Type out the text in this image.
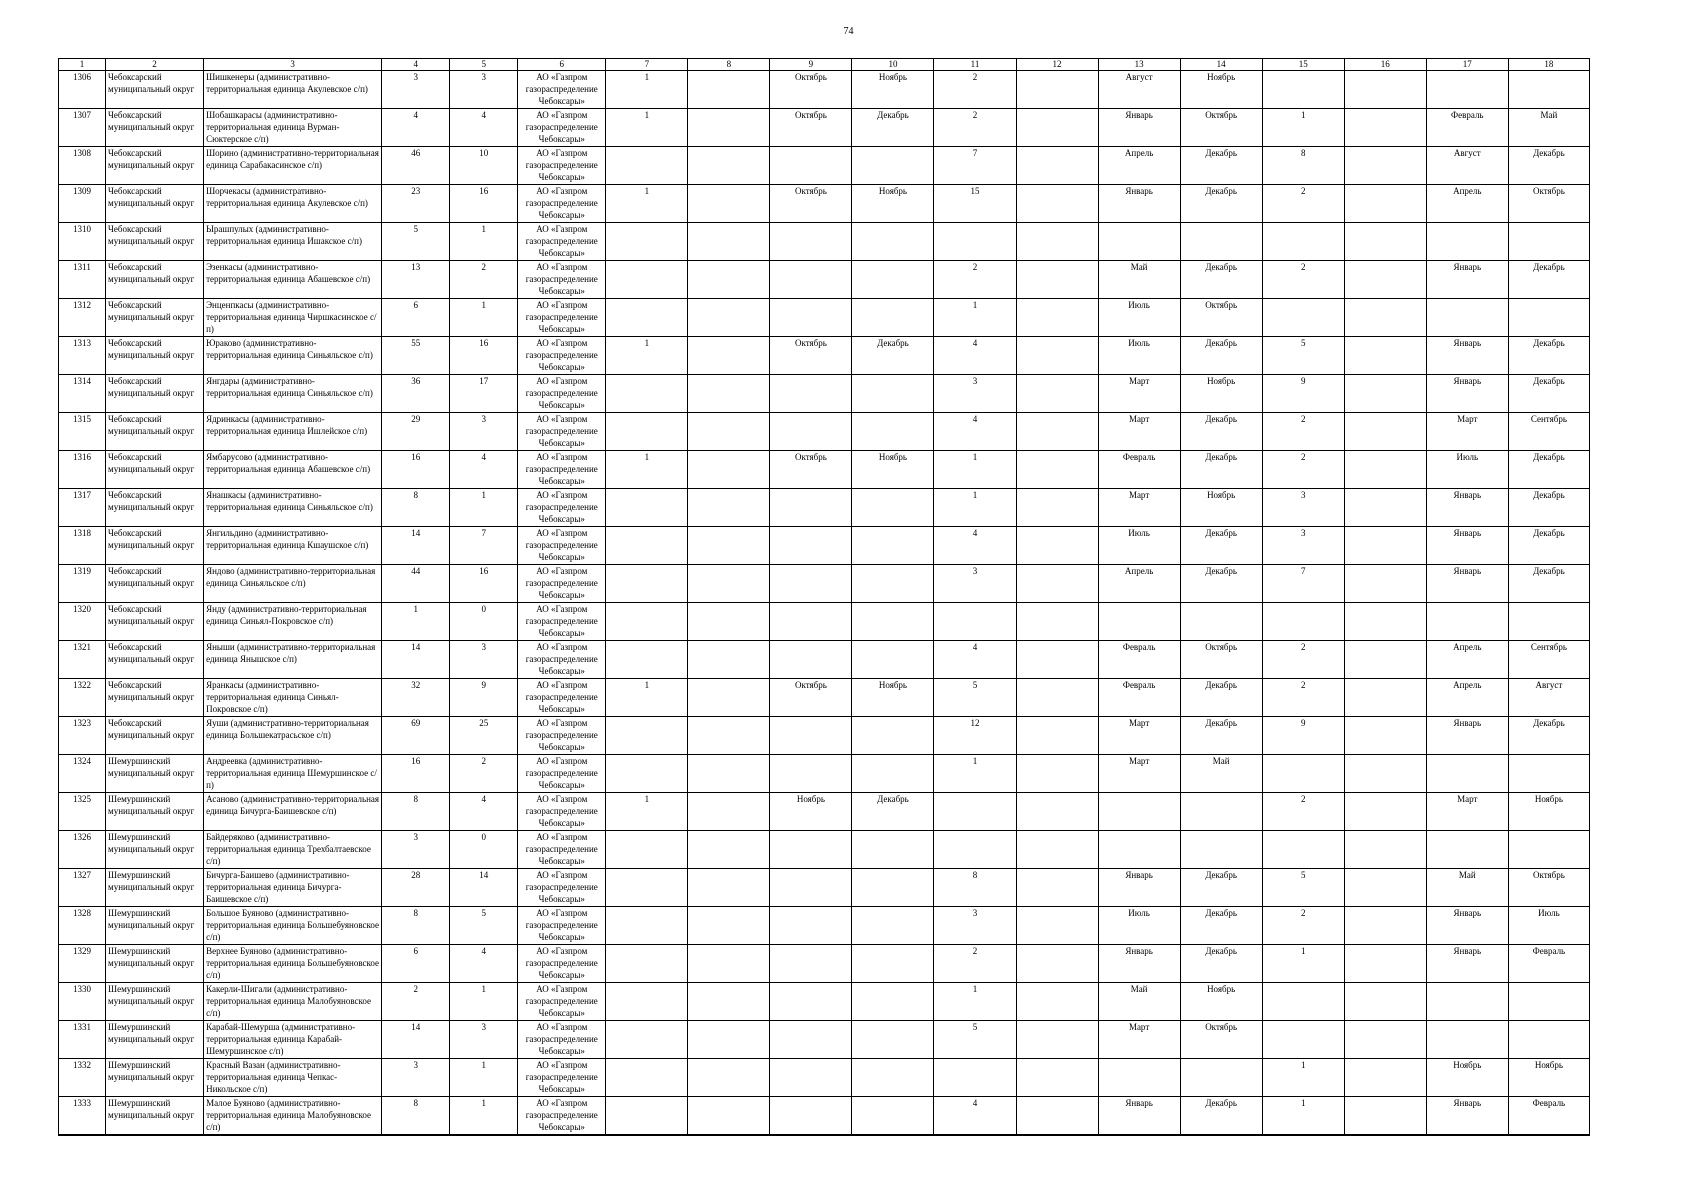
74
1	2	3	4	5	6	7	8	9	10	11	12	13	14	15	16	17	18

1306	Чебоксарский муниципальный округ	Шишкенеры (административно-территориальная единица Акулевское с/п)	3	3	АО «Газпром газораспределение Чебоксары»	1		Октябрь	Ноябрь	2		Август	Ноябрь				

1307	Чебоксарский муниципальный округ	Шобашкарасы (административно-территориальная единица Вурман-Сюктерское с/п)	4	4	АО «Газпром газораспределение Чебоксары»	1		Октябрь	Декабрь	2		Январь	Октябрь	1		Февраль	Май

1308	Чебоксарский муниципальный округ	Шорино (административно-территориальная единица Сарабакасинское с/п)	46	10	АО «Газпром газораспределение Чебоксары»					7		Апрель	Декабрь	8		Август	Декабрь

1309	Чебоксарский муниципальный округ	Шорчекасы (административно-территориальная единица Акулевское с/п)	23	16	АО «Газпром газораспределение Чебоксары»	1		Октябрь	Ноябрь	15		Январь	Декабрь	2		Апрель	Октябрь

1310	Чебоксарский муниципальный округ	Ырашпулых (административно-территориальная единица Ишакское с/п)	5	1	АО «Газпром газораспределение Чебоксары»												

1311	Чебоксарский муниципальный округ	Эзенкасы (административно-территориальная единица Абашевское с/п)	13	2	АО «Газпром газораспределение Чебоксары»					2		Май	Декабрь	2		Январь	Декабрь

1312	Чебоксарский муниципальный округ	Энценпкасы (административно-территориальная единица Чиршкасинское с/п)	6	1	АО «Газпром газораспределение Чебоксары»					1		Июль	Октябрь				

1313	Чебоксарский муниципальный округ	Юраково (административно-территориальная единица Синьяльское с/п)	55	16	АО «Газпром газораспределение Чебоксары»	1		Октябрь	Декабрь	4		Июль	Декабрь	5		Январь	Декабрь

1314	Чебоксарский муниципальный округ	Янгдары (административно-территориальная единица Синьяльское с/п)	36	17	АО «Газпром газораспределение Чебоксары»					3		Март	Ноябрь	9		Январь	Декабрь

1315	Чебоксарский муниципальный округ	Ядринкасы (административно-территориальная единица Ишлейское с/п)	29	3	АО «Газпром газораспределение Чебоксары»					4		Март	Декабрь	2		Март	Сентябрь

1316	Чебоксарский муниципальный округ	Ямбарусово (административно-территориальная единица Абашевское с/п)	16	4	АО «Газпром газораспределение Чебоксары»	1		Октябрь	Ноябрь	1		Февраль	Декабрь	2		Июль	Декабрь

1317	Чебоксарский муниципальный округ	Янашкасы (административно-территориальная единица Синьяльское с/п)	8	1	АО «Газпром газораспределение Чебоксары»					1		Март	Ноябрь	3		Январь	Декабрь

1318	Чебоксарский муниципальный округ	Янгильдино (административно-территориальная единица Кшаушское с/п)	14	7	АО «Газпром газораспределение Чебоксары»					4		Июль	Декабрь	3		Январь	Декабрь

1319	Чебоксарский муниципальный округ	Яндово (административно-территориальная единица Синьяльское с/п)	44	16	АО «Газпром газораспределение Чебоксары»					3		Апрель	Декабрь	7		Январь	Декабрь

1320	Чебоксарский муниципальный округ	Янду (административно-территориальная единица Синьял-Покровское с/п)	1	0	АО «Газпром газораспределение Чебоксары»												

1321	Чебоксарский муниципальный округ	Яныши (административно-территориальная единица Янышское с/п)	14	3	АО «Газпром газораспределение Чебоксары»					4		Февраль	Октябрь	2		Апрель	Сентябрь

1322	Чебоксарский муниципальный округ	Яранкасы (административно-территориальная единица Синьял-Покровское с/п)	32	9	АО «Газпром газораспределение Чебоксары»	1		Октябрь	Ноябрь	5		Февраль	Декабрь	2		Апрель	Август

1323	Чебоксарский муниципальный округ	Яуши (административно-территориальная единица Большекатрасьское с/п)	69	25	АО «Газпром газораспределение Чебоксары»					12		Март	Декабрь	9		Январь	Декабрь

1324	Шемуршинский муниципальный округ	Андреевка (административно-территориальная единица Шемуршинское с/п)	16	2	АО «Газпром газораспределение Чебоксары»					1		Март	Май				

1325	Шемуршинский муниципальный округ	Асаново (административно-территориальная единица Бичурга-Баишевское с/п)	8	4	АО «Газпром газораспределение Чебоксары»	1		Ноябрь	Декабрь					2		Март	Ноябрь

1326	Шемуршинский муниципальный округ	Байдеряково (административно-территориальная единица Трехбалтаевское с/п)	3	0	АО «Газпром газораспределение Чебоксары»												

1327	Шемуршинский муниципальный округ	Бичурга-Баишево (административно-территориальная единица Бичурга-Баишевское с/п)	28	14	АО «Газпром газораспределение Чебоксары»					8		Январь	Декабрь	5		Май	Октябрь

1328	Шемуршинский муниципальный округ	Большое Буяново (административно-территориальная единица Большебуяновское с/п)	8	5	АО «Газпром газораспределение Чебоксары»					3		Июль	Декабрь	2		Январь	Июль

1329	Шемуршинский муниципальный округ	Верхнее Буяново (административно-территориальная единица Большебуяновское с/п)	6	4	АО «Газпром газораспределение Чебоксары»					2		Январь	Декабрь	1		Январь	Февраль

1330	Шемуршинский муниципальный округ	Какерли-Шигали (административно-территориальная единица Малобуяновское с/п)	2	1	АО «Газпром газораспределение Чебоксары»					1		Май	Ноябрь				

1331	Шемуршинский муниципальный округ	Карабай-Шемурша (административно-территориальная единица Карабай-Шемуршинское с/п)	14	3	АО «Газпром газораспределение Чебоксары»					5		Март	Октябрь				

1332	Шемуршинский муниципальный округ	Красный Вазан (административно-территориальная единица Чепкас-Никольское с/п)	3	1	АО «Газпром газораспределение Чебоксары»									1		Ноябрь	Ноябрь

1333	Шемуршинский муниципальный округ	Малое Буяново (административно-территориальная единица Малобуяновское с/п)	8	1	АО «Газпром газораспределение Чебоксары»					4		Январь	Декабрь	1		Январь	Февраль
